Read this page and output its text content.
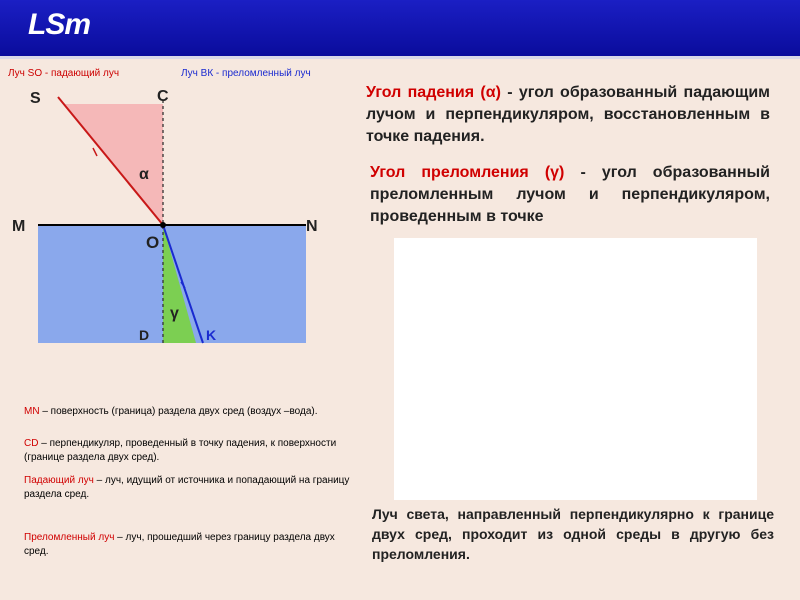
LSm
Луч SO - падающий луч	Луч ВК - преломленный луч
S	C
M	N
O
D	K
α
γ
MN – поверхность (граница) раздела двух сред (воздух –вода).
CD – перпендикуляр, проведенный в точку падения, к поверхности (границе раздела двух сред).
Падающий луч – луч, идущий от источника и попадающий на границу раздела сред.
Преломленный луч – луч, прошедший через границу раздела двух сред.
Угол падения (α) - угол образованный падающим лучом и перпендикуляром, восстановленным в точке падения.
Угол преломления (γ) - угол образованный преломленным лучом и перпендикуляром, проведенным в точке
Луч света, направленный перпендикулярно к границе двух сред, проходит из одной среды в другую без преломления.
